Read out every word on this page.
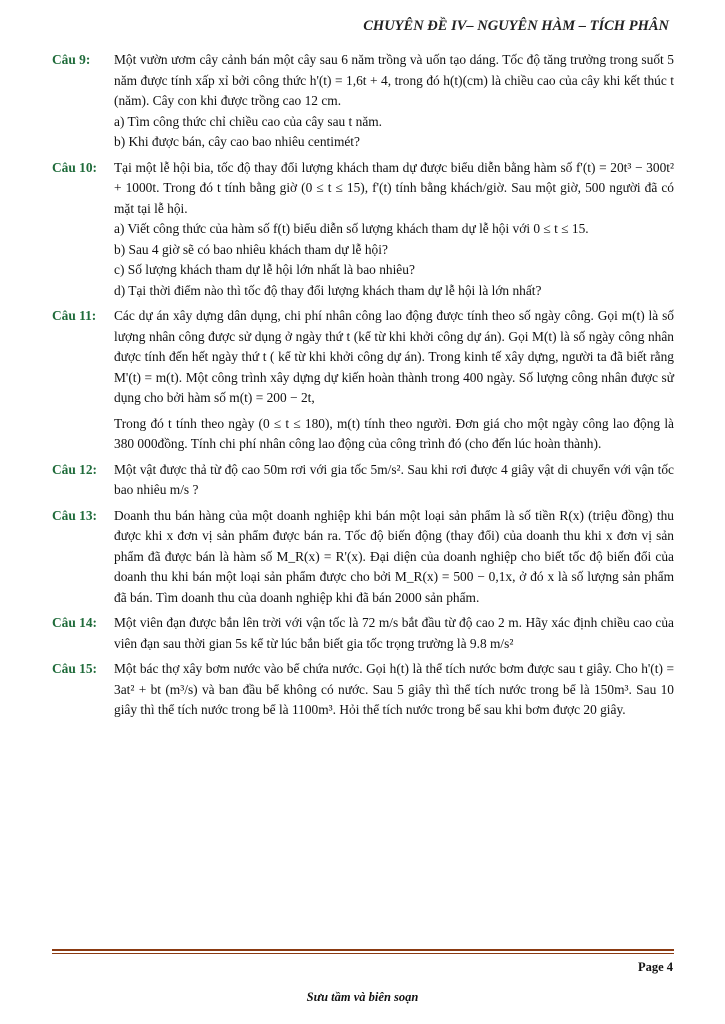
CHUYÊN ĐỀ IV– NGUYÊN HÀM – TÍCH PHÂN
Câu 9:	Một vườn ươm cây cảnh bán một cây sau 6 năm trồng và uốn tạo dáng. Tốc độ tăng trưởng trong suốt 5 năm được tính xấp xỉ bởi công thức h'(t) = 1,6t + 4, trong đó h(t)(cm) là chiều cao của cây khi kết thúc t (năm). Cây con khi được trồng cao 12 cm.

a) Tìm công thức chỉ chiều cao của cây sau t năm.

b) Khi được bán, cây cao bao nhiêu centimét?

Câu 10:	Tại một lễ hội bia, tốc độ thay đổi lượng khách tham dự được biểu diễn bằng hàm số f'(t) = 20t³ − 300t² + 1000t. Trong đó t tính bằng giờ (0 ≤ t ≤ 15), f'(t) tính bằng khách/giờ. Sau một giờ, 500 người đã có mặt tại lễ hội.

a) Viết công thức của hàm số f(t) biểu diễn số lượng khách tham dự lễ hội với 0 ≤ t ≤ 15.

b) Sau 4 giờ sẽ có bao nhiêu khách tham dự lễ hội?

c) Số lượng khách tham dự lễ hội lớn nhất là bao nhiêu?

d) Tại thời điểm nào thì tốc độ thay đổi lượng khách tham dự lễ hội là lớn nhất?

Câu 11:	Các dự án xây dựng dân dụng, chi phí nhân công lao động được tính theo số ngày công. Gọi m(t) là số lượng nhân công được sử dụng ở ngày thứ t (kể từ khi khởi công dự án). Gọi M(t) là số ngày công nhân được tính đến hết ngày thứ t ( kể từ khi khởi công dự án). Trong kinh tế xây dựng, người ta đã biết rằng M'(t) = m(t). Một công trình xây dựng dự kiến hoàn thành trong 400 ngày. Số lượng công nhân được sử dụng cho bởi hàm số m(t) = 200 − 2t,

Trong đó t tính theo ngày (0 ≤ t ≤ 180), m(t) tính theo người. Đơn giá cho một ngày công lao động là 380 000đồng. Tính chi phí nhân công lao động của công trình đó (cho đến lúc hoàn thành).

Câu 12:	Một vật được thả từ độ cao 50m rơi với gia tốc 5m/s². Sau khi rơi được 4 giây vật di chuyển với vận tốc bao nhiêu m/s ?

Câu 13:	Doanh thu bán hàng của một doanh nghiệp khi bán một loại sản phẩm là số tiền R(x) (triệu đồng) thu được khi x đơn vị sản phẩm được bán ra. Tốc độ biến động (thay đổi) của doanh thu khi x đơn vị sản phẩm đã được bán là hàm số M_R(x) = R'(x). Đại diện của doanh nghiệp cho biết tốc độ biến đổi của doanh thu khi bán một loại sản phẩm được cho bởi M_R(x) = 500 − 0,1x, ở đó x là số lượng sản phẩm đã bán. Tìm doanh thu của doanh nghiệp khi đã bán 2000 sản phẩm.

Câu 14:	Một viên đạn được bắn lên trời với vận tốc là 72 m/s bắt đầu từ độ cao 2 m. Hãy xác định chiều cao của viên đạn sau thời gian 5s kể từ lúc bắn biết gia tốc trọng trường là 9.8 m/s²

Câu 15:	Một bác thợ xây bơm nước vào bể chứa nước. Gọi h(t) là thể tích nước bơm được sau t giây. Cho h'(t) = 3at² + bt (m³/s) và ban đầu bể không có nước. Sau 5 giây thì thể tích nước trong bể là 150m³. Sau 10 giây thì thể tích nước trong bể là 1100m³. Hỏi thể tích nước trong bể sau khi bơm được 20 giây.

Page 4
Sưu tầm và biên soạn
